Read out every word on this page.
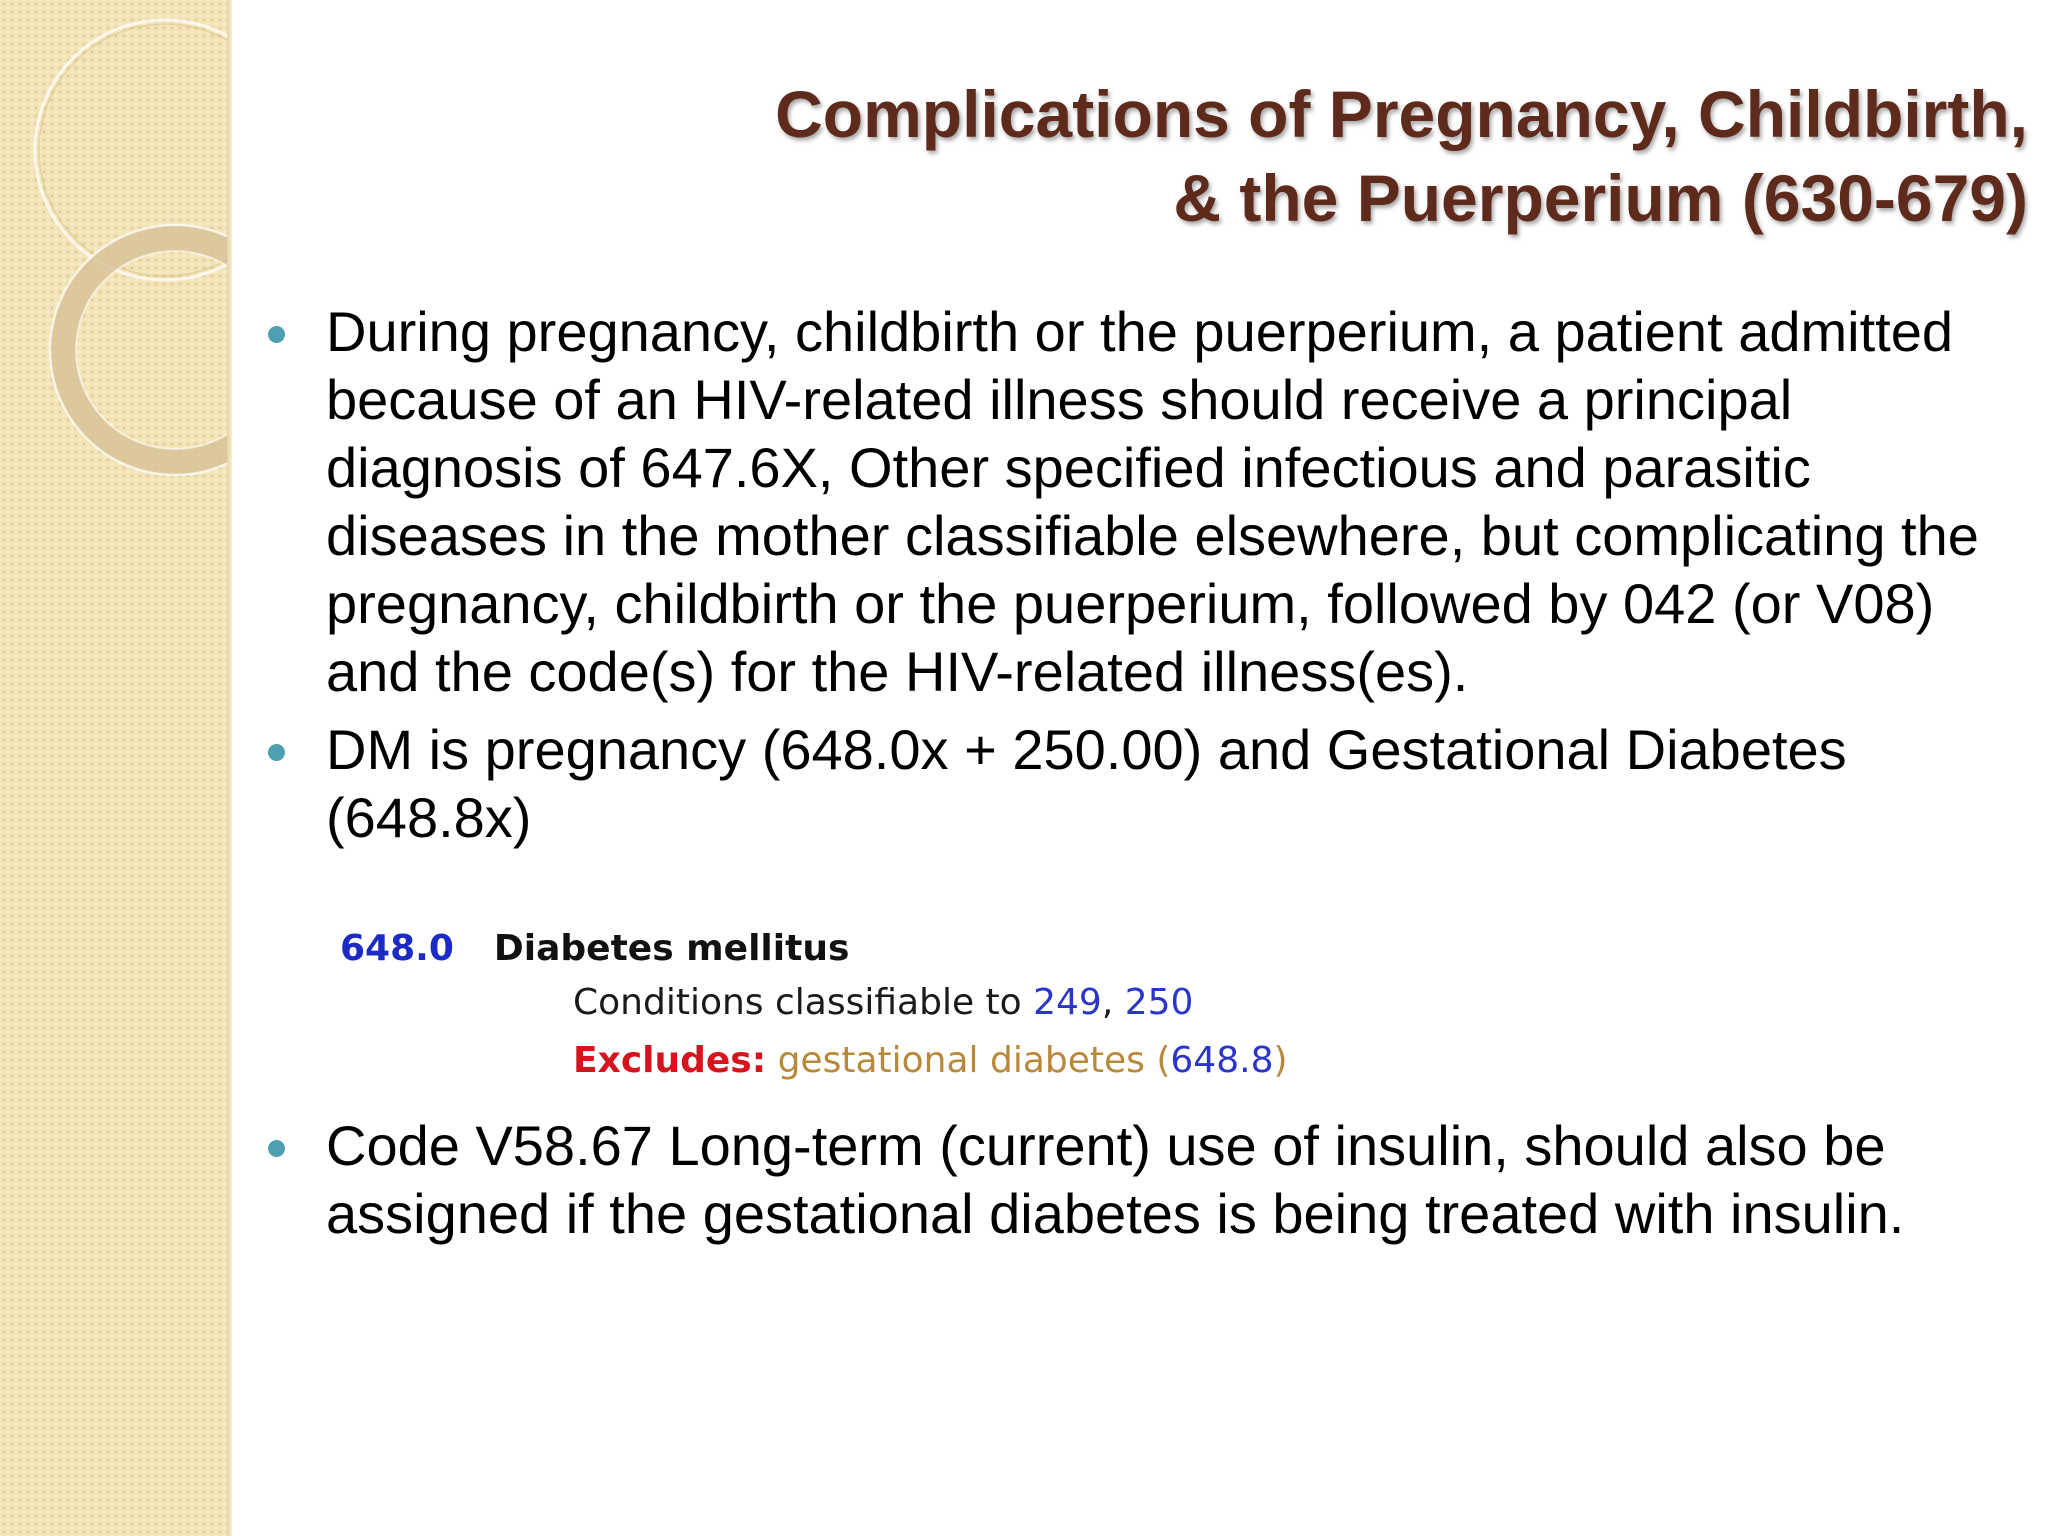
Complications of Pregnancy, Childbirth,
& the Puerperium (630-679)
During pregnancy, childbirth or the puerperium, a patient admitted because of an HIV-related illness should receive a principal diagnosis of 647.6X, Other specified infectious and parasitic diseases in the mother classifiable elsewhere, but complicating the pregnancy, childbirth or the puerperium, followed by 042 (or V08) and the code(s) for the HIV-related illness(es).
DM is pregnancy (648.0x + 250.00) and Gestational Diabetes (648.8x)
648.0 Diabetes mellitus
Conditions classifiable to 249, 250
Excludes: gestational diabetes (648.8)
Code V58.67 Long-term (current) use of insulin, should also be assigned if the gestational diabetes is being treated with insulin.
